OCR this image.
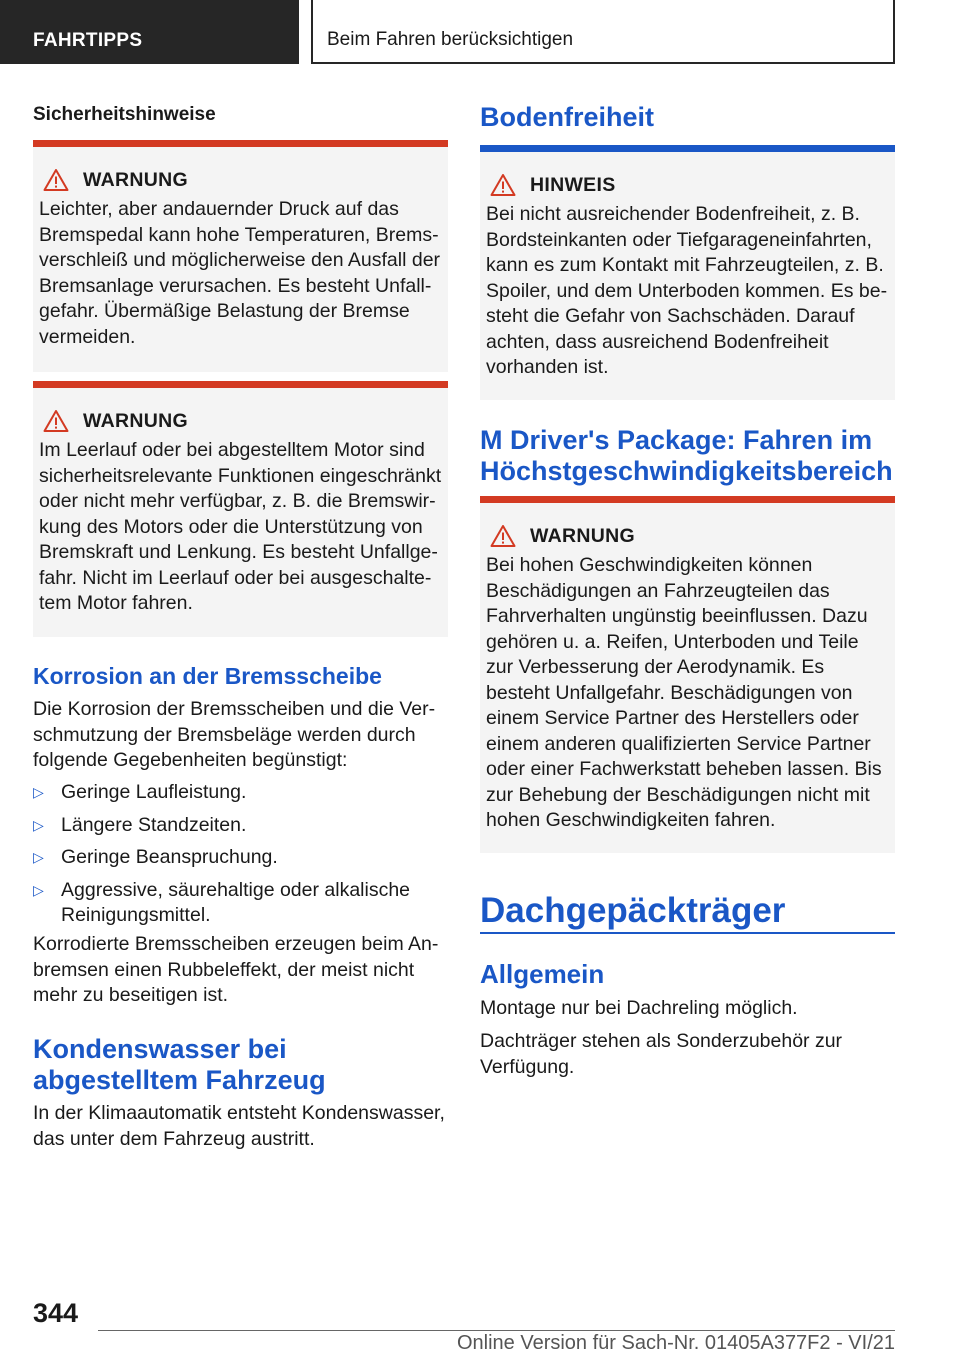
FAHRTIPPS	Beim Fahren berücksichtigen
Sicherheitshinweise
WARNUNG
Leichter, aber andauernder Druck auf das Bremspedal kann hohe Temperaturen, Bremsverschleiß und möglicherweise den Ausfall der Bremsanlage verursachen. Es besteht Unfallgefahr. Übermäßige Belastung der Bremse vermeiden.
WARNUNG
Im Leerlauf oder bei abgestelltem Motor sind sicherheitsrelevante Funktionen eingeschränkt oder nicht mehr verfügbar, z. B. die Bremswirkung des Motors oder die Unterstützung von Bremskraft und Lenkung. Es besteht Unfallgefahr. Nicht im Leerlauf oder bei ausgeschaltetem Motor fahren.
Korrosion an der Bremsscheibe
Die Korrosion der Bremsscheiben und die Verschmutzung der Bremsbeläge werden durch folgende Gegebenheiten begünstigt:
▷ Geringe Laufleistung.
▷ Längere Standzeiten.
▷ Geringe Beanspruchung.
▷ Aggressive, säurehaltige oder alkalische Reinigungsmittel.
Korrodierte Bremsscheiben erzeugen beim Anbremsen einen Rubbeleffekt, der meist nicht mehr zu beseitigen ist.
Kondenswasser bei abgestelltem Fahrzeug
In der Klimaautomatik entsteht Kondenswasser, das unter dem Fahrzeug austritt.
Bodenfreiheit
HINWEIS
Bei nicht ausreichender Bodenfreiheit, z. B. Bordsteinkanten oder Tiefgarageneinfahrten, kann es zum Kontakt mit Fahrzeugteilen, z. B. Spoiler, und dem Unterboden kommen. Es besteht die Gefahr von Sachschäden. Darauf achten, dass ausreichend Bodenfreiheit vorhanden ist.
M Driver's Package: Fahren im Höchstgeschwindigkeitsbereich
WARNUNG
Bei hohen Geschwindigkeiten können Beschädigungen an Fahrzeugteilen das Fahrverhalten ungünstig beeinflussen. Dazu gehören u. a. Reifen, Unterboden und Teile zur Verbesserung der Aerodynamik. Es besteht Unfallgefahr. Beschädigungen von einem Service Partner des Herstellers oder einem anderen qualifizierten Service Partner oder einer Fachwerkstatt beheben lassen. Bis zur Behebung der Beschädigungen nicht mit hohen Geschwindigkeiten fahren.
Dachgepäckträger
Allgemein
Montage nur bei Dachreling möglich.
Dachträger stehen als Sonderzubehör zur Verfügung.
344
Online Version für Sach-Nr. 01405A377F2 - VI/21
